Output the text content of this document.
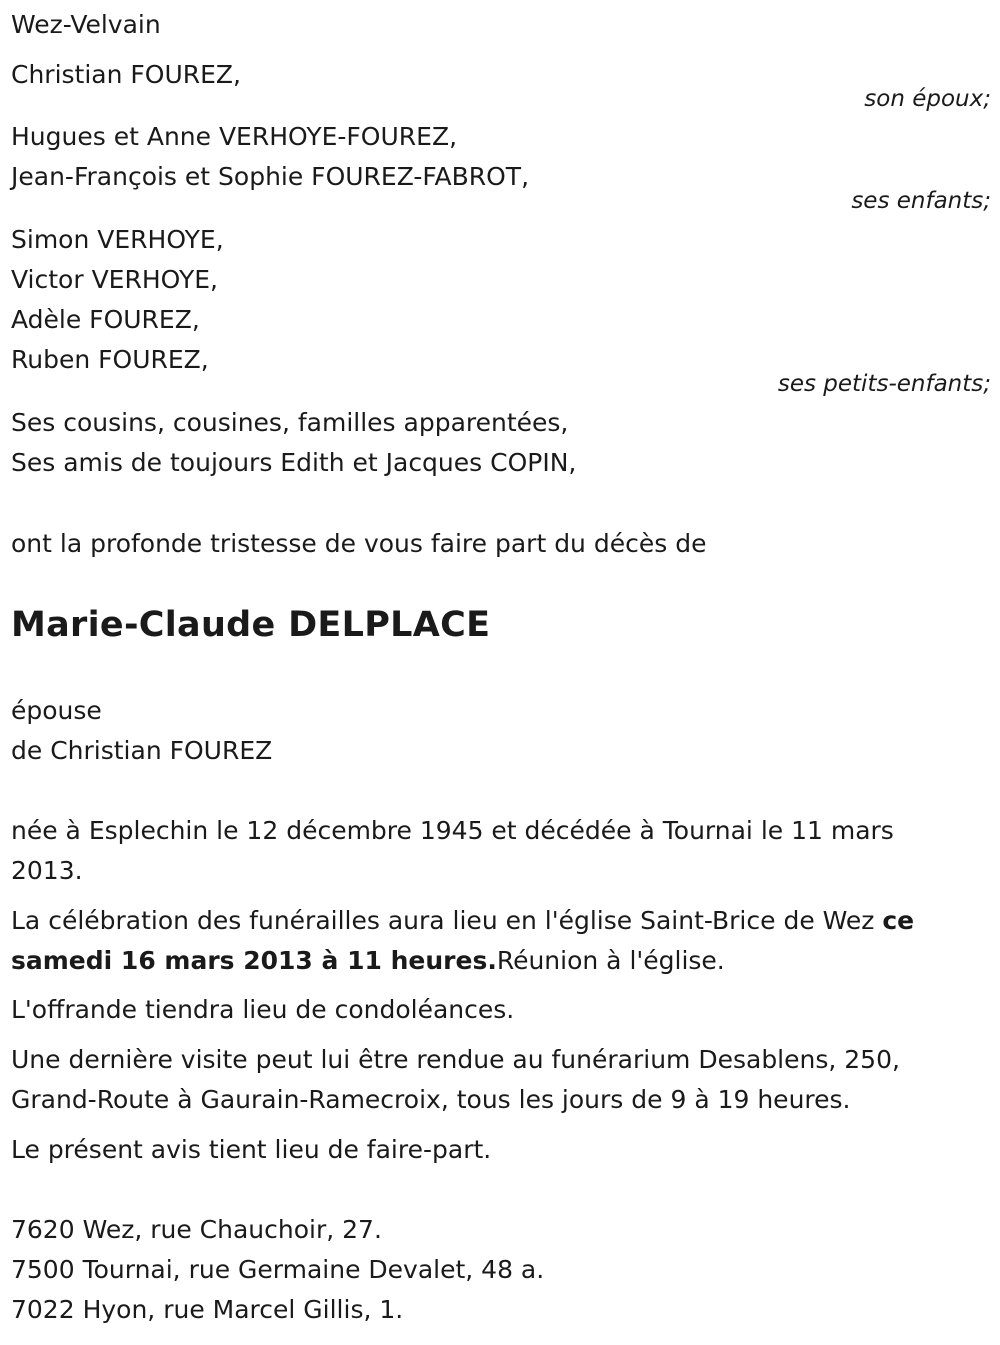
Wez-Velvain
Christian FOUREZ,
son époux;
Hugues et Anne VERHOYE-FOUREZ,
Jean-François et Sophie FOUREZ-FABROT,
ses enfants;
Simon VERHOYE,
Victor VERHOYE,
Adèle FOUREZ,
Ruben FOUREZ,
ses petits-enfants;
Ses cousins, cousines, familles apparentées,
Ses amis de toujours Edith et Jacques COPIN,
ont la profonde tristesse de vous faire part du décès de
Marie-Claude DELPLACE
épouse
de Christian FOUREZ
née à Esplechin le 12 décembre 1945 et décédée à Tournai le 11 mars
2013.
La célébration des funérailles aura lieu en l'église Saint-Brice de Wez ce
samedi 16 mars 2013 à 11 heures.Réunion à l'église.
L'offrande tiendra lieu de condoléances.
Une dernière visite peut lui être rendue au funérarium Desablens, 250,
Grand-Route à Gaurain-Ramecroix, tous les jours de 9 à 19 heures.
Le présent avis tient lieu de faire-part.
7620 Wez, rue Chauchoir, 27.
7500 Tournai, rue Germaine Devalet, 48 a.
7022 Hyon, rue Marcel Gillis, 1.
